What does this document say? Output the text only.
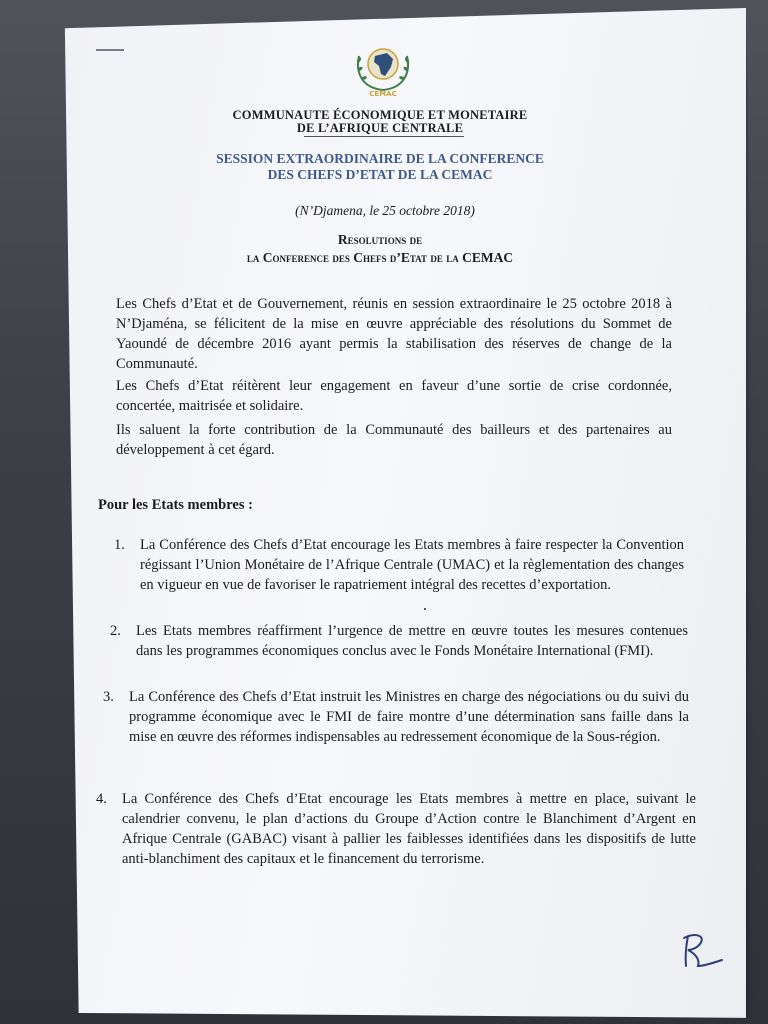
CEMAC
COMMUNAUTE ÉCONOMIQUE ET MONETAIRE
DE L’AFRIQUE CENTRALE
SESSION EXTRAORDINAIRE DE LA CONFERENCE
DES CHEFS D’ETAT DE LA CEMAC
(N’Djamena, le 25 octobre 2018)
Resolutions de
la Conference des Chefs d’Etat de la CEMAC
Les Chefs d’Etat et de Gouvernement, réunis en session extraordinaire le 25 octobre 2018 à N’Djaména, se félicitent de la mise en œuvre appréciable des résolutions du Sommet de Yaoundé de décembre 2016 ayant permis la stabilisation des réserves de change de la Communauté.
Les Chefs d’Etat réitèrent leur engagement en faveur d’une sortie de crise cordonnée, concertée, maitrisée et solidaire.
Ils saluent la forte contribution de la Communauté des bailleurs et des partenaires au développement à cet égard.
Pour les Etats membres :
1. La Conférence des Chefs d’Etat encourage les Etats membres à faire respecter la Convention régissant l’Union Monétaire de l’Afrique Centrale (UMAC) et la règlementation des changes en vigueur en vue de favoriser le rapatriement intégral des recettes d’exportation.
2. Les Etats membres réaffirment l’urgence de mettre en œuvre toutes les mesures contenues dans les programmes économiques conclus avec le Fonds Monétaire International (FMI).
3. La Conférence des Chefs d’Etat instruit les Ministres en charge des négociations ou du suivi du programme économique avec le FMI de faire montre d’une détermination sans faille dans la mise en œuvre des réformes indispensables au redressement économique de la Sous-région.
4. La Conférence des Chefs d’Etat encourage les Etats membres à mettre en place, suivant le calendrier convenu, le plan d’actions du Groupe d’Action contre le Blanchiment d’Argent en Afrique Centrale (GABAC) visant à pallier les faiblesses identifiées dans les dispositifs de lutte anti-blanchiment des capitaux et le financement du terrorisme.
